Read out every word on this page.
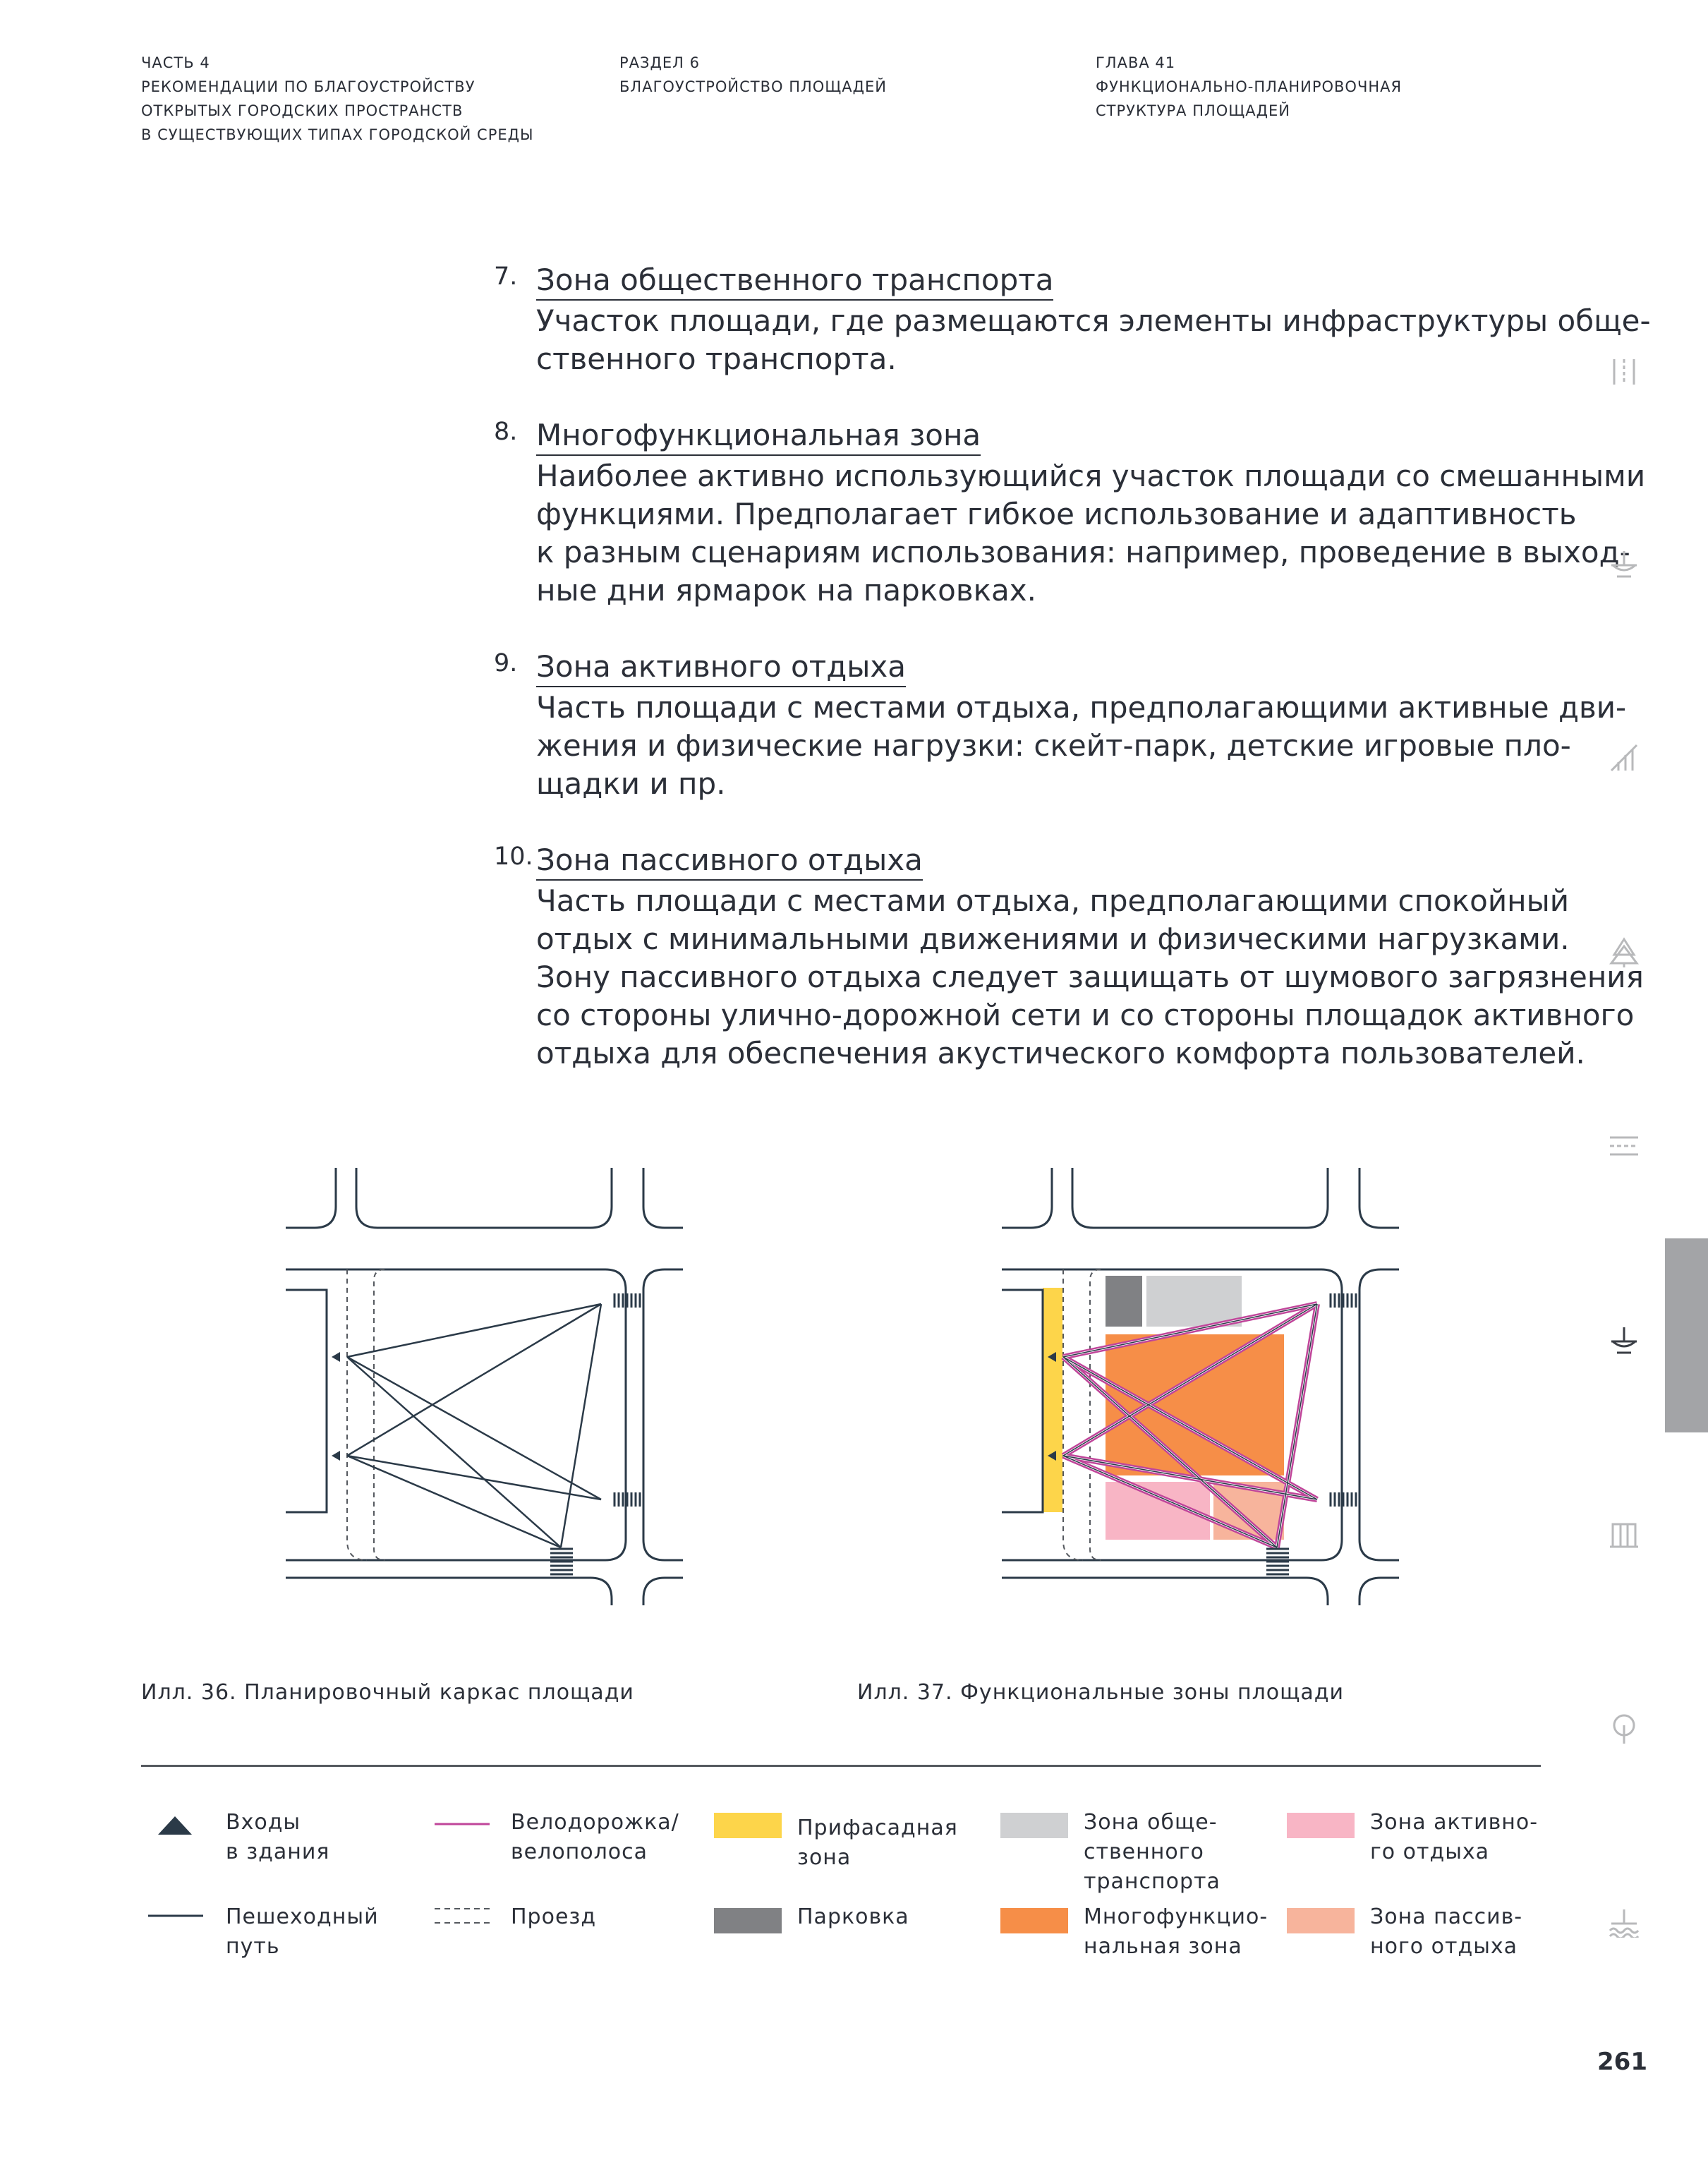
ЧАСТЬ 4
РЕКОМЕНДАЦИИ ПО БЛАГОУСТРОЙСТВУ
ОТКРЫТЫХ ГОРОДСКИХ ПРОСТРАНСТВ
В СУЩЕСТВУЮЩИХ ТИПАХ ГОРОДСКОЙ СРЕДЫ
РАЗДЕЛ 6
БЛАГОУСТРОЙСТВО ПЛОЩАДЕЙ
ГЛАВА 41
ФУНКЦИОНАЛЬНО-ПЛАНИРОВОЧНАЯ
СТРУКТУРА ПЛОЩАДЕЙ
7. Зона общественного транспорта
Участок площади, где размещаются элементы инфраструктуры обще-
ственного транспорта.
8. Многофункциональная зона
Наиболее активно использующийся участок площади со смешанными
функциями. Предполагает гибкое использование и адаптивность
к разным сценариям использования: например, проведение в выход-
ные дни ярмарок на парковках.
9. Зона активного отдыха
Часть площади с местами отдыха, предполагающими активные дви-
жения и физические нагрузки: скейт-парк, детские игровые пло-
щадки и пр.
10. Зона пассивного отдыха
Часть площади с местами отдыха, предполагающими спокойный
отдых с минимальными движениями и физическими нагрузками.
Зону пассивного отдыха следует защищать от шумового загрязнения
со стороны улично-дорожной сети и со стороны площадок активного
отдыха для обеспечения акустического комфорта пользователей.
Илл. 36. Планировочный каркас площади	Илл. 37. Функциональные зоны площади
Входы
в здания
Пешеходный
путь
Велодорожка/
велополоса
Проезд
Прифасадная
зона
Парковка
Зона обще-
ственного
транспорта
Многофункцио-
нальная зона
Зона активно-
го отдыха
Зона пассив-
ного отдыха
261
